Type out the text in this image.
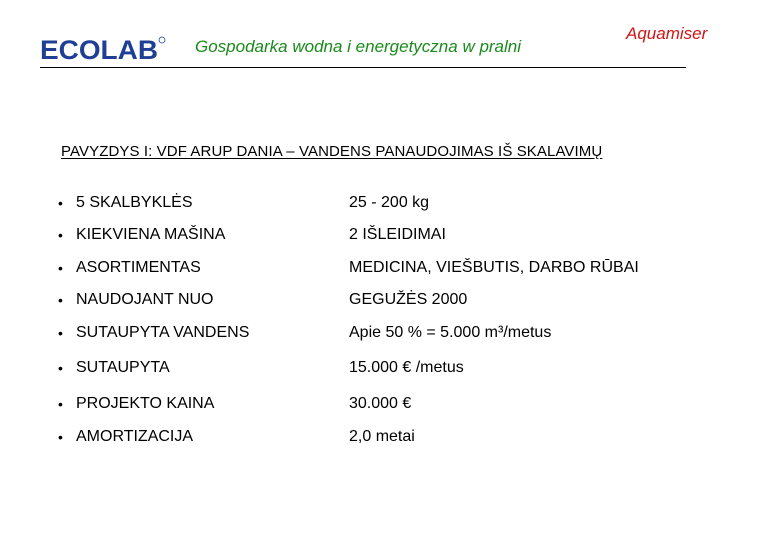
ECOLAB Gospodarka wodna i energetyczna w pralni
Aquamiser
PAVYZDYS I: VDF ARUP DANIA – VANDENS PANAUDOJIMAS IŠ SKALAVIMŲ
• 5 SKALBYKLĖS	25 - 200 kg
• KIEKVIENA MAŠINA	2 IŠLEIDIMAI
• ASORTIMENTAS	MEDICINA, VIEŠBUTIS, DARBO RŪBAI
• NAUDOJANT NUO	GEGUŽĖS 2000
• SUTAUPYTA VANDENS	Apie 50 % = 5.000 m³/metus
• SUTAUPYTA	15.000 € /metus
• PROJEKTO KAINA	30.000 €
• AMORTIZACIJA	2,0 metai
